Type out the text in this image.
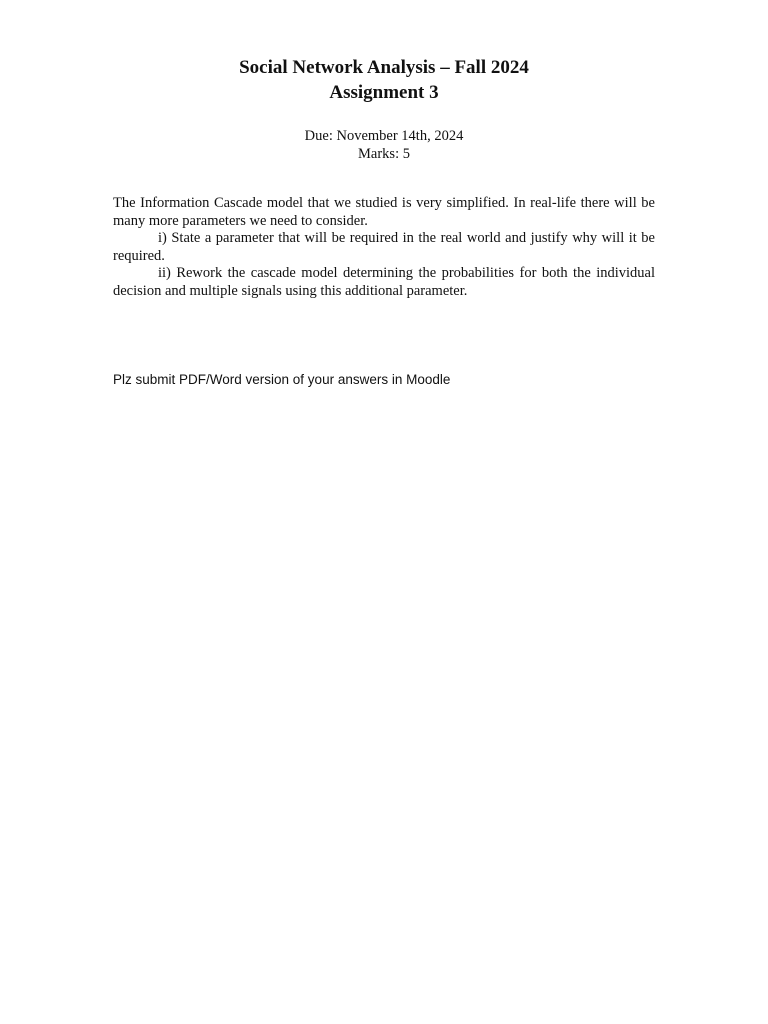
Social Network Analysis – Fall 2024
Assignment 3
Due: November 14th, 2024
Marks: 5

The Information Cascade model that we studied is very simplified. In real-life there will be many more parameters we need to consider.

i) State a parameter that will be required in the real world and justify why will it be required.

ii) Rework the cascade model determining the probabilities for both the individual decision and multiple signals using this additional parameter.

Plz submit PDF/Word version of your answers in Moodle
